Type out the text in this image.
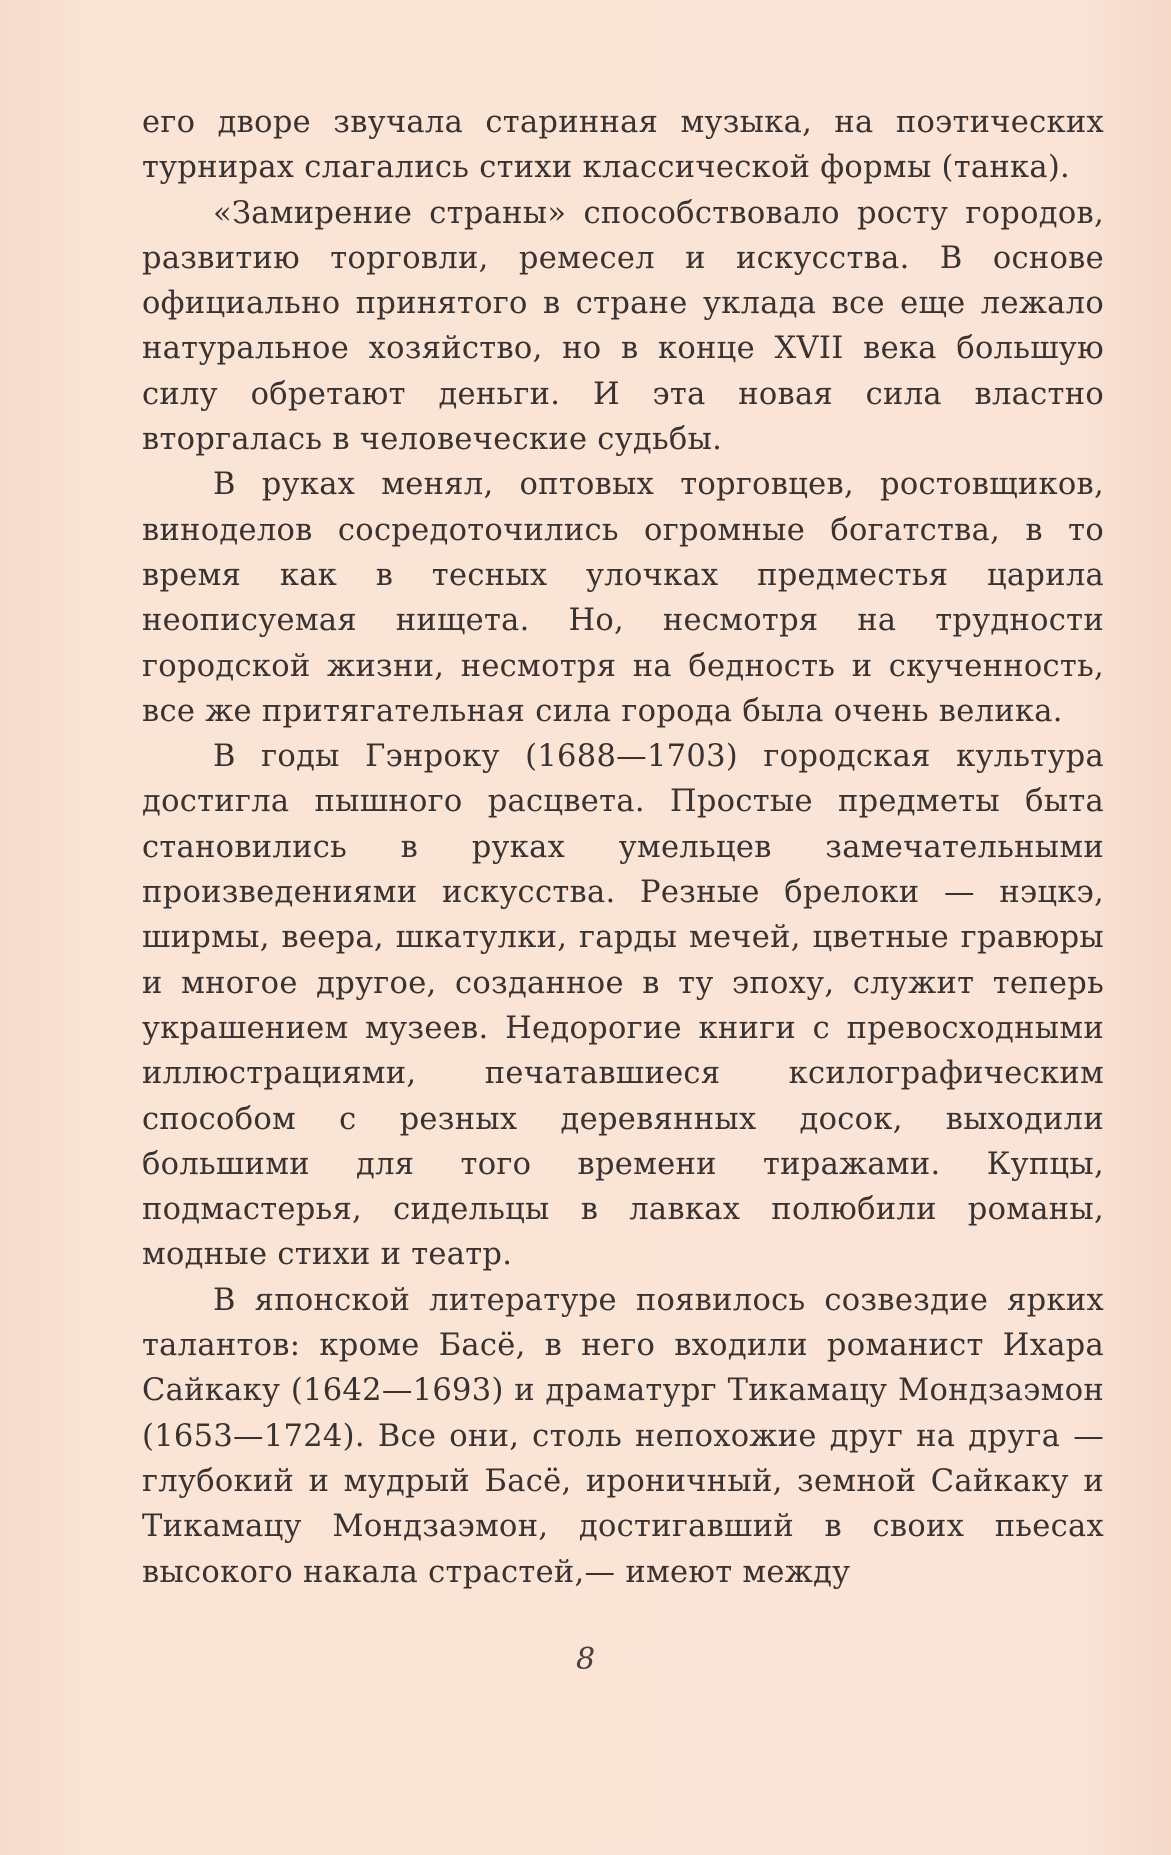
его дворе звучала старинная музыка, на поэтических турнирах слагались стихи классической формы (танка).

«Замирение страны» способствовало росту городов, развитию торговли, ремесел и искусства. В основе официально принятого в стране уклада все еще лежало натуральное хозяйство, но в конце XVII века большую силу обретают деньги. И эта новая сила властно вторгалась в человеческие судьбы.

В руках менял, оптовых торговцев, ростовщиков, виноделов сосредоточились огромные богатства, в то время как в тесных улочках предместья царила неописуемая нищета. Но, несмотря на трудности городской жизни, несмотря на бедность и скученность, все же притягательная сила города была очень велика.

В годы Гэнроку (1688—1703) городская культура достигла пышного расцвета. Простые предметы быта становились в руках умельцев замечательными произведениями искусства. Резные брелоки — нэцкэ, ширмы, веера, шкатулки, гарды мечей, цветные гравюры и многое другое, созданное в ту эпоху, служит теперь украшением музеев. Недорогие книги с превосходными иллюстрациями, печатавшиеся ксилографическим способом с резных деревянных досок, выходили большими для того времени тиражами. Купцы, подмастерья, сидельцы в лавках полюбили романы, модные стихи и театр.

В японской литературе появилось созвездие ярких талантов: кроме Басё, в него входили романист Ихара Сайкаку (1642—1693) и драматург Тикамацу Мондзаэмон (1653—1724). Все они, столь непохожие друг на друга — глубокий и мудрый Басё, ироничный, земной Сайкаку и Тикамацу Мондзаэмон, достигавший в своих пьесах высокого накала страстей,— имеют между

8
